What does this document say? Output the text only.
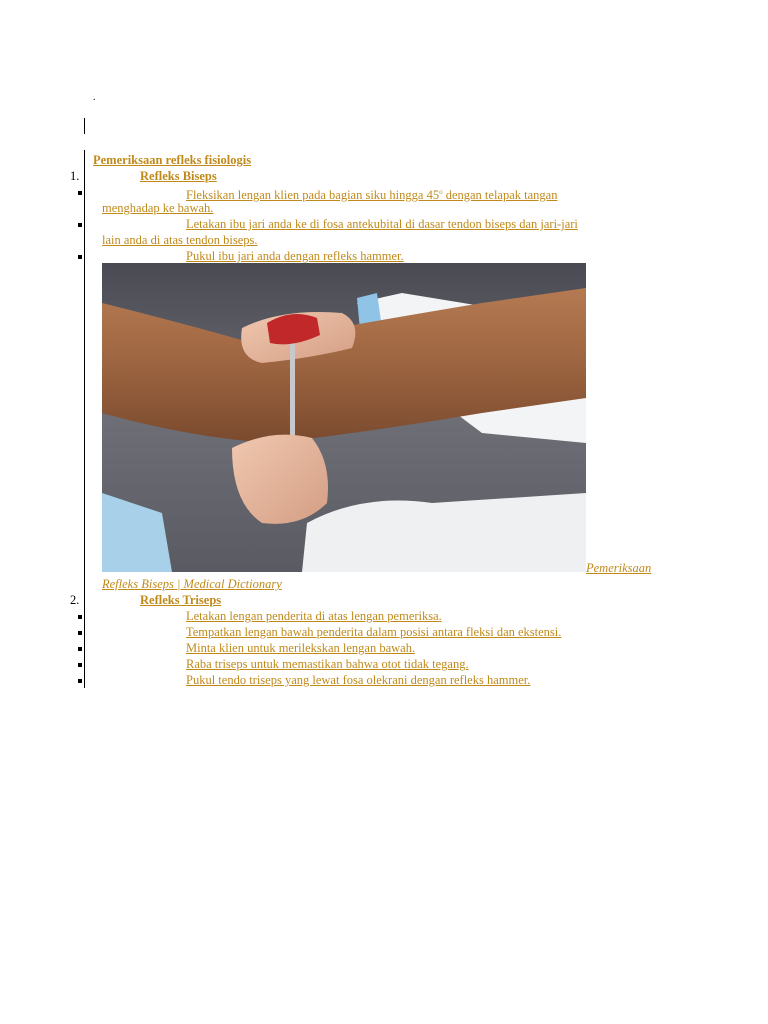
.
Pemeriksaan refleks fisiologis
1.	Refleks Biseps
Fleksikan lengan klien pada bagian siku hingga 45$^o$ dengan telapak tangan
menghadap ke bawah.
Letakan ibu jari anda ke di fosa antekubital di dasar tendon biseps dan jari-jari
lain anda di atas tendon biseps.
Pukul ibu jari anda dengan refleks hammer.
Pemeriksaan
Refleks Biseps | Medical Dictionary
2.	Refleks Triseps
Letakan lengan penderita di atas lengan pemeriksa.
Tempatkan lengan bawah penderita dalam posisi antara fleksi dan ekstensi.
Minta klien untuk merilekskan lengan bawah.
Raba triseps untuk memastikan bahwa otot tidak tegang.
Pukul tendo triseps yang lewat fosa olekrani dengan refleks hammer.
